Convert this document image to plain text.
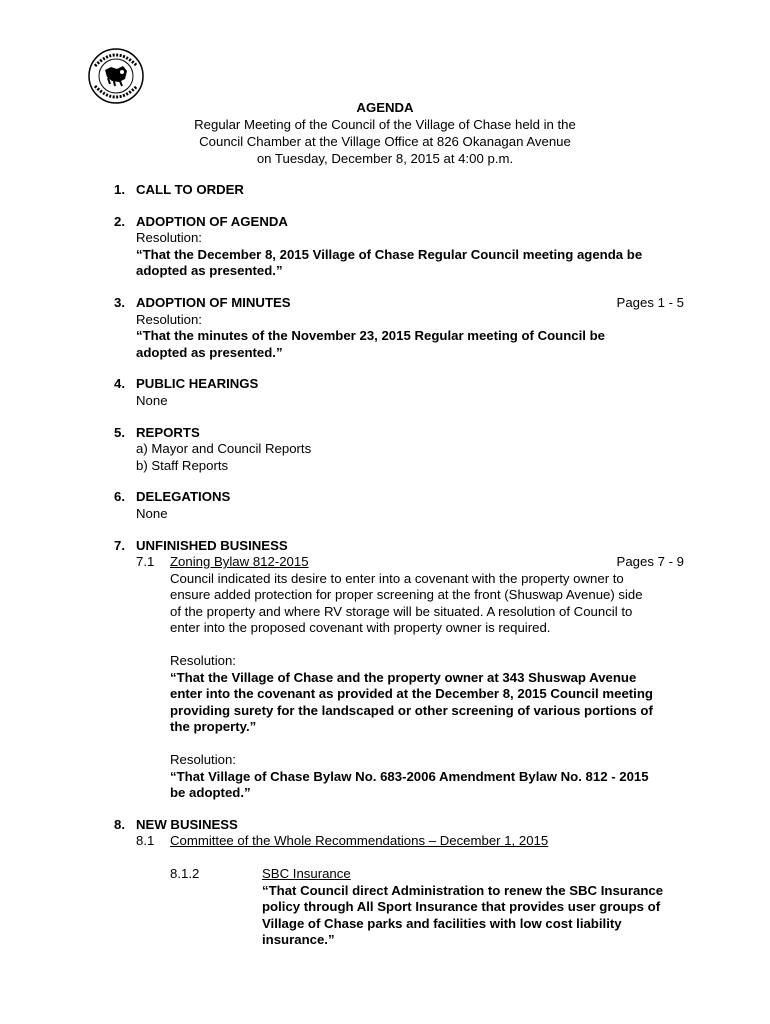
AGENDA
Regular Meeting of the Council of the Village of Chase held in the
Council Chamber at the Village Office at 826 Okanagan Avenue
on Tuesday, December 8, 2015 at 4:00 p.m.
1. CALL TO ORDER
2. ADOPTION OF AGENDA
Resolution:
“That the December 8, 2015 Village of Chase Regular Council meeting agenda be
adopted as presented.”
3. ADOPTION OF MINUTES	Pages 1 - 5
Resolution:
“That the minutes of the November 23, 2015 Regular meeting of Council be
adopted as presented.”
4. PUBLIC HEARINGS
None
5. REPORTS
a) Mayor and Council Reports
b) Staff Reports
6. DELEGATIONS
None
7. UNFINISHED BUSINESS
7.1 Zoning Bylaw 812-2015	Pages 7 - 9
Council indicated its desire to enter into a covenant with the property owner to
ensure added protection for proper screening at the front (Shuswap Avenue) side
of the property and where RV storage will be situated. A resolution of Council to
enter into the proposed covenant with property owner is required.
Resolution:
“That the Village of Chase and the property owner at 343 Shuswap Avenue
enter into the covenant as provided at the December 8, 2015 Council meeting
providing surety for the landscaped or other screening of various portions of
the property.”
Resolution:
“That Village of Chase Bylaw No. 683-2006 Amendment Bylaw No. 812 - 2015
be adopted.”
8. NEW BUSINESS
8.1 Committee of the Whole Recommendations – December 1, 2015
8.1.2	SBC Insurance
“That Council direct Administration to renew the SBC Insurance
policy through All Sport Insurance that provides user groups of
Village of Chase parks and facilities with low cost liability
insurance.”
